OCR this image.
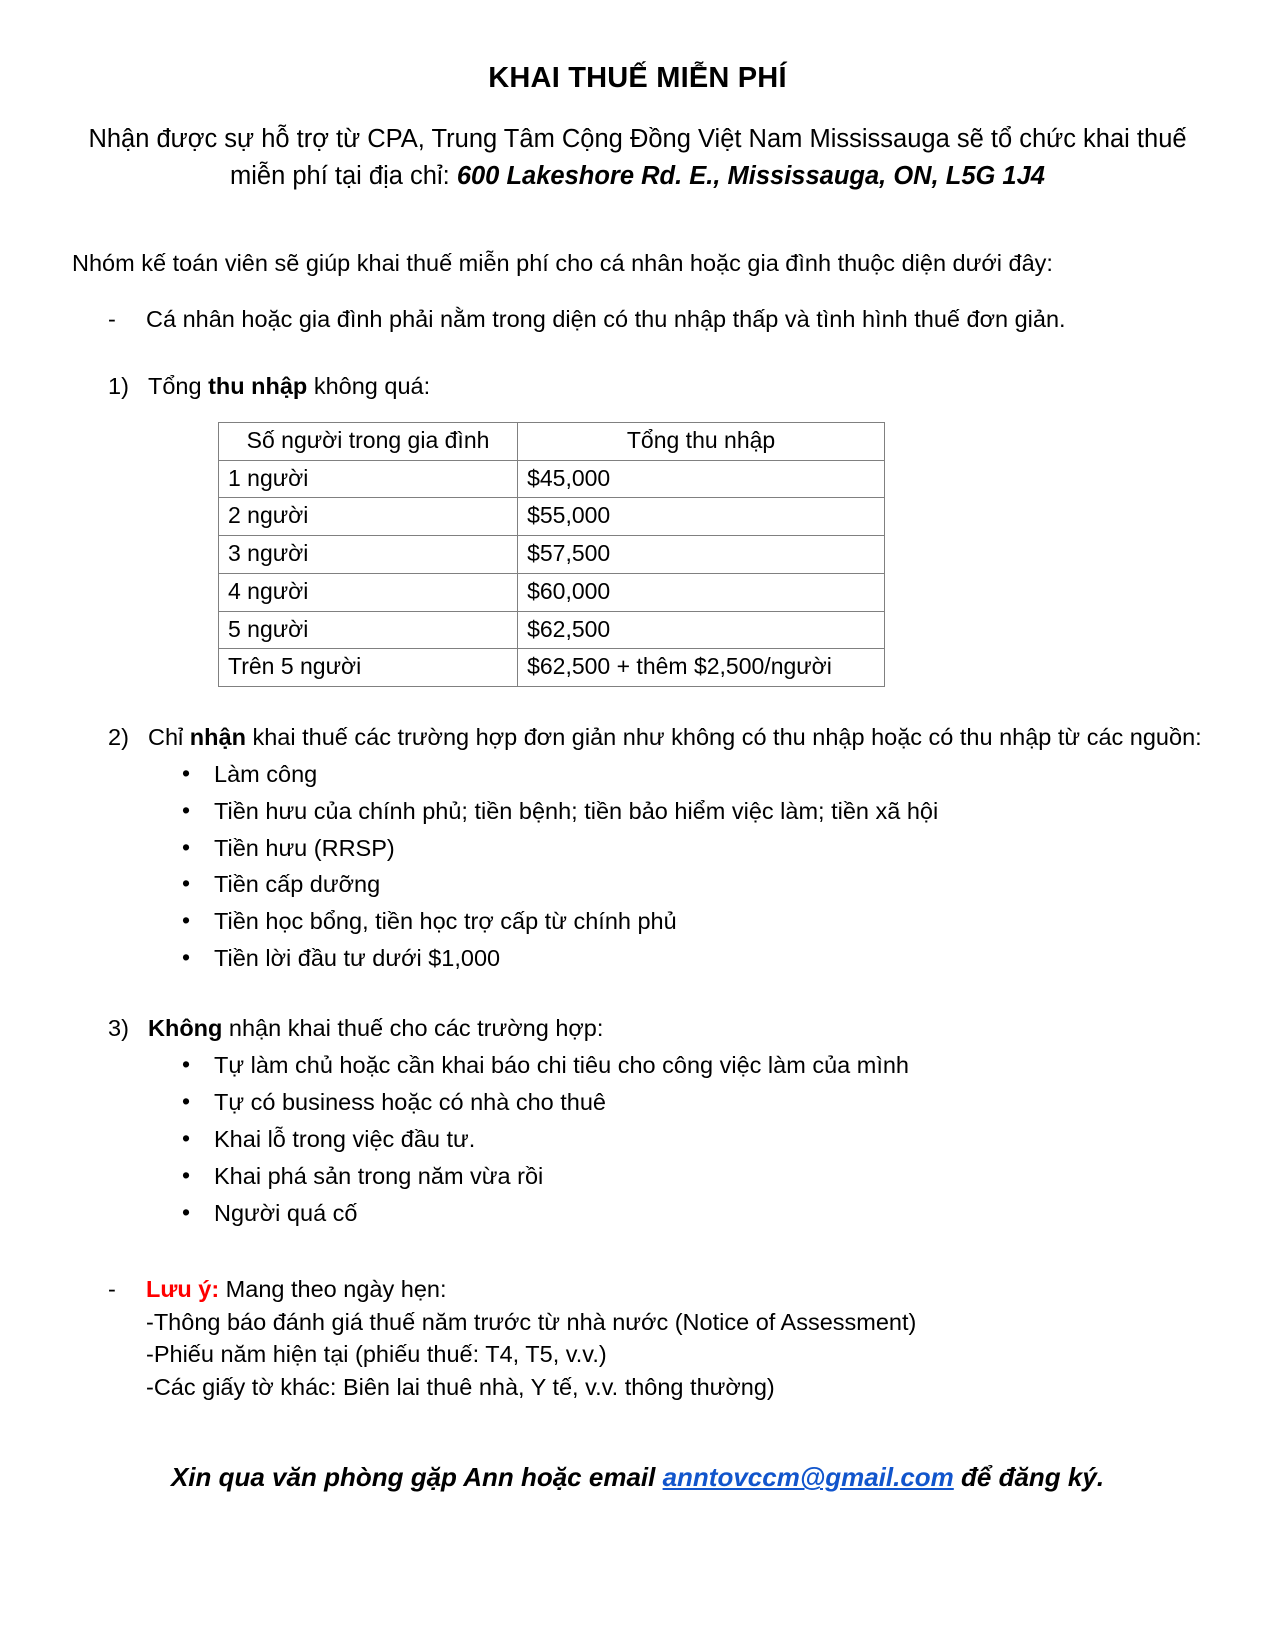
KHAI THUẾ MIỄN PHÍ

Nhận được sự hỗ trợ từ CPA, Trung Tâm Cộng Đồng Việt Nam Mississauga sẽ tổ chức khai thuế miễn phí tại địa chỉ: 600 Lakeshore Rd. E., Mississauga, ON, L5G 1J4

Nhóm kế toán viên sẽ giúp khai thuế miễn phí cho cá nhân hoặc gia đình thuộc diện dưới đây:

-	Cá nhân hoặc gia đình phải nằm trong diện có thu nhập thấp và tình hình thuế đơn giản.
1) Tổng thu nhập không quá:
Số người trong gia đình	Tổng thu nhập
1 người	$45,000
2 người	$55,000
3 người	$57,500
4 người	$60,000
5 người	$62,500
Trên 5 người	$62,500 + thêm $2,500/người
2) Chỉ nhận khai thuế các trường hợp đơn giản như không có thu nhập hoặc có thu nhập từ các nguồn:
• Làm công
• Tiền hưu của chính phủ; tiền bệnh; tiền bảo hiểm việc làm; tiền xã hội
• Tiền hưu (RRSP)
• Tiền cấp dưỡng
• Tiền học bổng, tiền học trợ cấp từ chính phủ
• Tiền lời đầu tư dưới $1,000
3) Không nhận khai thuế cho các trường hợp:
• Tự làm chủ hoặc cần khai báo chi tiêu cho công việc làm của mình
• Tự có business hoặc có nhà cho thuê
• Khai lỗ trong việc đầu tư.
• Khai phá sản trong năm vừa rồi
• Người quá cố
-	Lưu ý: Mang theo ngày hẹn:
-Thông báo đánh giá thuế năm trước từ nhà nước (Notice of Assessment)
-Phiếu năm hiện tại (phiếu thuế: T4, T5, v.v.)
-Các giấy tờ khác: Biên lai thuê nhà, Y tế, v.v. thông thường)
Xin qua văn phòng gặp Ann hoặc email anntovccm@gmail.com để đăng ký.
